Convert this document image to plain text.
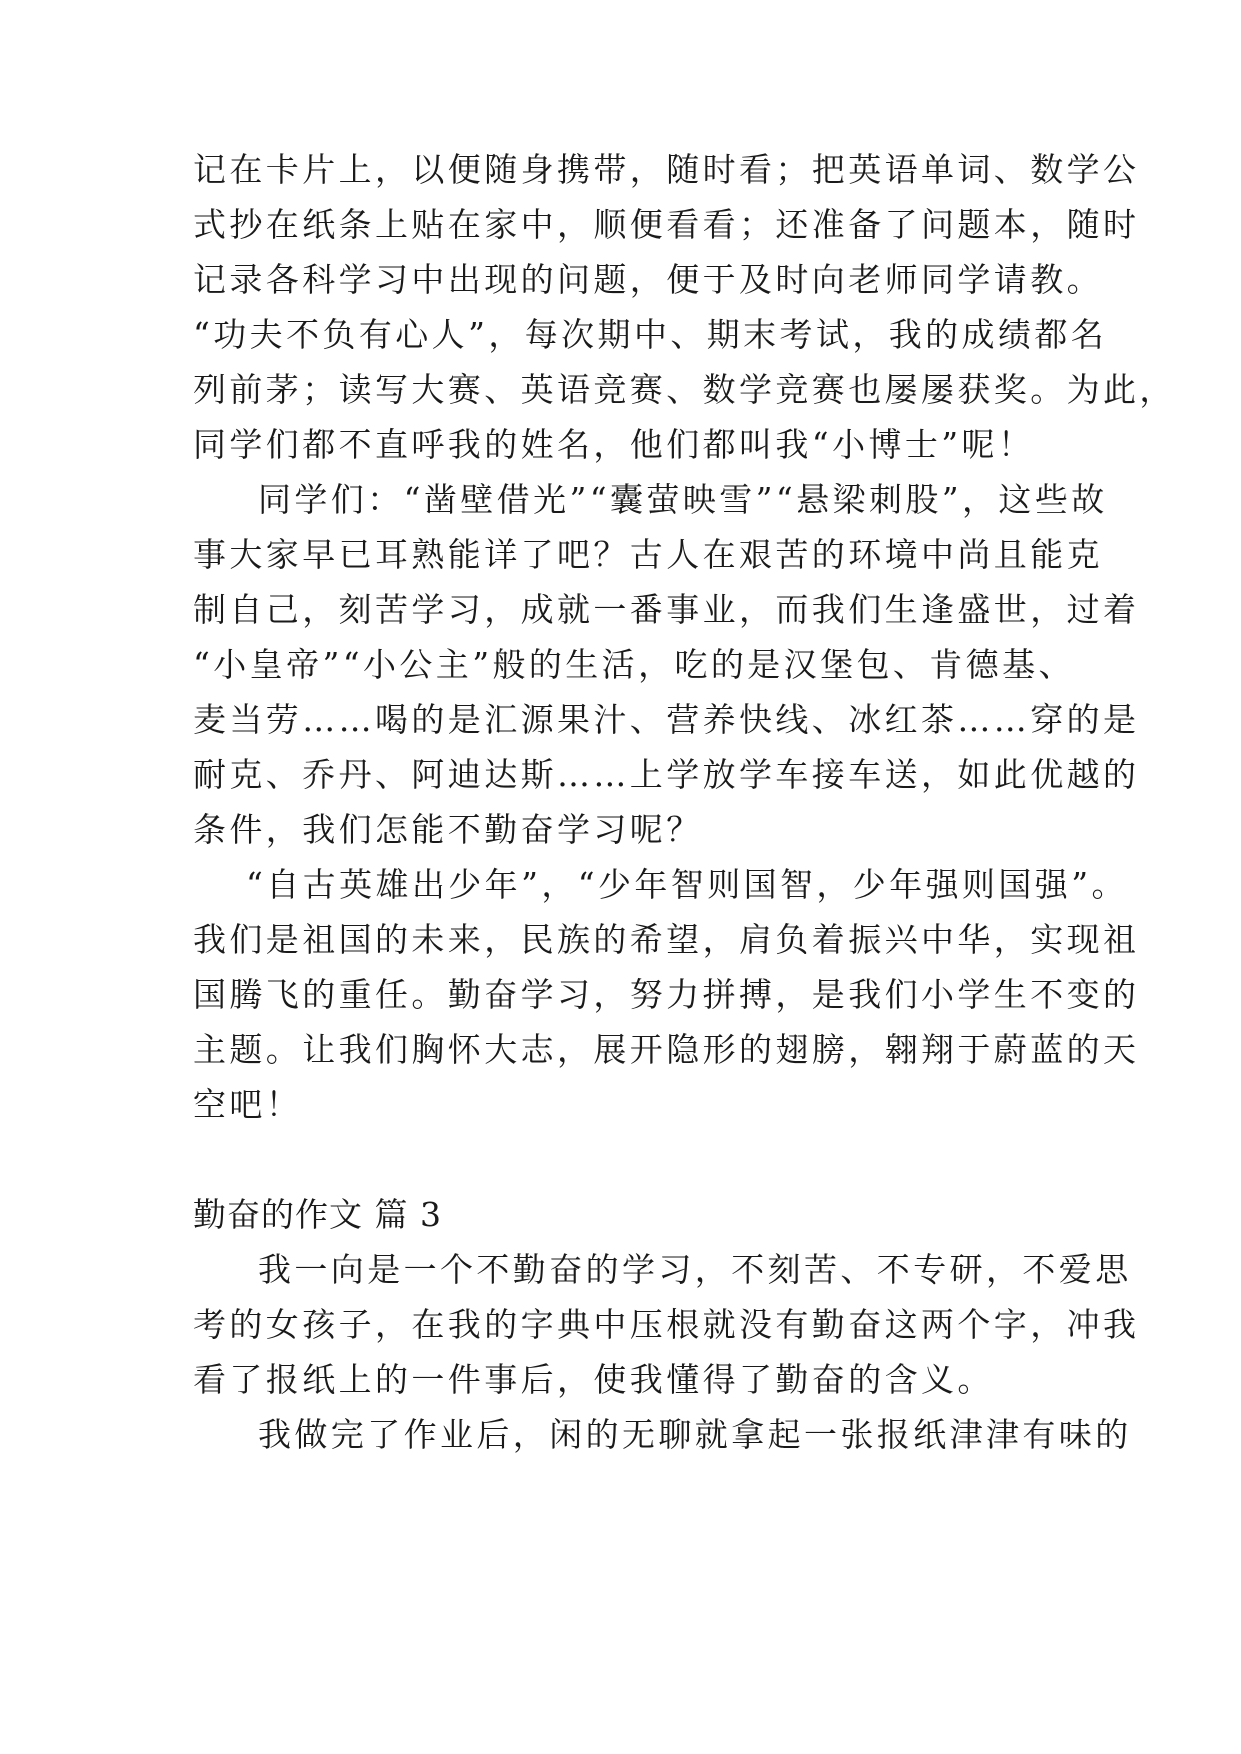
记在卡片上，以便随身携带，随时看；把英语单词、数学公
式抄在纸条上贴在家中，顺便看看；还准备了问题本，随时
记录各科学习中出现的问题，便于及时向老师同学请教。
“功夫不负有心人”，每次期中、期末考试，我的成绩都名
列前茅；读写大赛、英语竞赛、数学竞赛也屡屡获奖。为此，
同学们都不直呼我的姓名，他们都叫我“小博士”呢！
同学们：“凿壁借光”“囊萤映雪”“悬梁刺股”，这些故
事大家早已耳熟能详了吧？古人在艰苦的环境中尚且能克
制自己，刻苦学习，成就一番事业，而我们生逢盛世，过着
“小皇帝”“小公主”般的生活，吃的是汉堡包、肯德基、
麦当劳……喝的是汇源果汁、营养快线、冰红茶……穿的是
耐克、乔丹、阿迪达斯……上学放学车接车送，如此优越的
条件，我们怎能不勤奋学习呢？
“自古英雄出少年”，“少年智则国智，少年强则国强”。
我们是祖国的未来，民族的希望，肩负着振兴中华，实现祖
国腾飞的重任。勤奋学习，努力拼搏，是我们小学生不变的
主题。让我们胸怀大志，展开隐形的翅膀，翱翔于蔚蓝的天
空吧！
勤奋的作文 篇 3
我一向是一个不勤奋的学习，不刻苦、不专研，不爱思
考的女孩子，在我的字典中压根就没有勤奋这两个字，冲我
看了报纸上的一件事后，使我懂得了勤奋的含义。
我做完了作业后，闲的无聊就拿起一张报纸津津有味的
